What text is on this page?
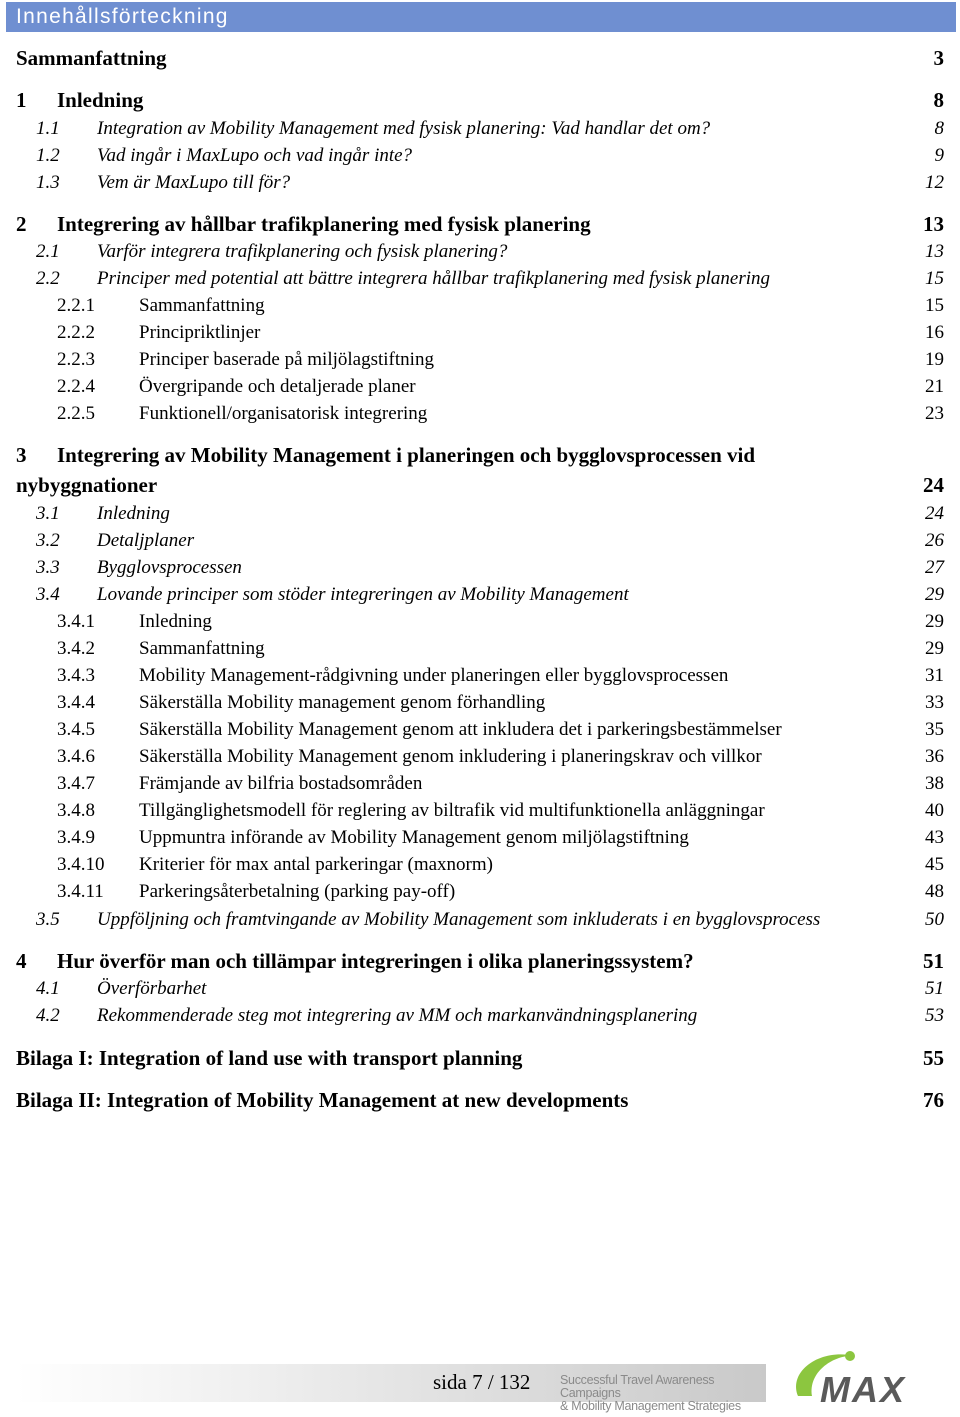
Innehållsförteckning
Sammanfattning	3
1 Inledning	8
1.1 Integration av Mobility Management med fysisk planering: Vad handlar det om?	8
1.2 Vad ingår i MaxLupo och vad ingår inte?	9
1.3 Vem är MaxLupo till för?	12
2 Integrering av hållbar trafikplanering med fysisk planering	13
2.1 Varför integrera trafikplanering och fysisk planering?	13
2.2 Principer med potential att bättre integrera hållbar trafikplanering med fysisk planering	15
2.2.1 Sammanfattning	15
2.2.2 Principriktlinjer	16
2.2.3 Principer baserade på miljölagstiftning	19
2.2.4 Övergripande och detaljerade planer	21
2.2.5 Funktionell/organisatorisk integrering	23
3 Integrering av Mobility Management i planeringen och bygglovsprocessen vid
nybyggnationer	24
3.1 Inledning	24
3.2 Detaljplaner	26
3.3 Bygglovsprocessen	27
3.4 Lovande principer som stöder integreringen av Mobility Management	29
3.4.1 Inledning	29
3.4.2 Sammanfattning	29
3.4.3 Mobility Management-rådgivning under planeringen eller bygglovsprocessen	31
3.4.4 Säkerställa Mobility management genom förhandling	33
3.4.5 Säkerställa Mobility Management genom att inkludera det i parkeringsbestämmelser	35
3.4.6 Säkerställa Mobility Management genom inkludering i planeringskrav och villkor	36
3.4.7 Främjande av bilfria bostadsområden	38
3.4.8 Tillgänglighetsmodell för reglering av biltrafik vid multifunktionella anläggningar	40
3.4.9 Uppmuntra införande av Mobility Management genom miljölagstiftning	43
3.4.10 Kriterier för max antal parkeringar (maxnorm)	45
3.4.11 Parkeringsåterbetalning (parking pay-off)	48
3.5 Uppföljning och framtvingande av Mobility Management som inkluderats i en bygglovsprocess	50
4 Hur överför man och tillämpar integreringen i olika planeringssystem?	51
4.1 Överförbarhet	51
4.2 Rekommenderade steg mot integrering av MM och markanvändningsplanering	53
Bilaga I: Integration of land use with transport planning	55
Bilaga II: Integration of Mobility Management at new developments	76
sida 7 / 132 Successful Travel Awareness Campaigns
& Mobility Management Strategies	MAX
